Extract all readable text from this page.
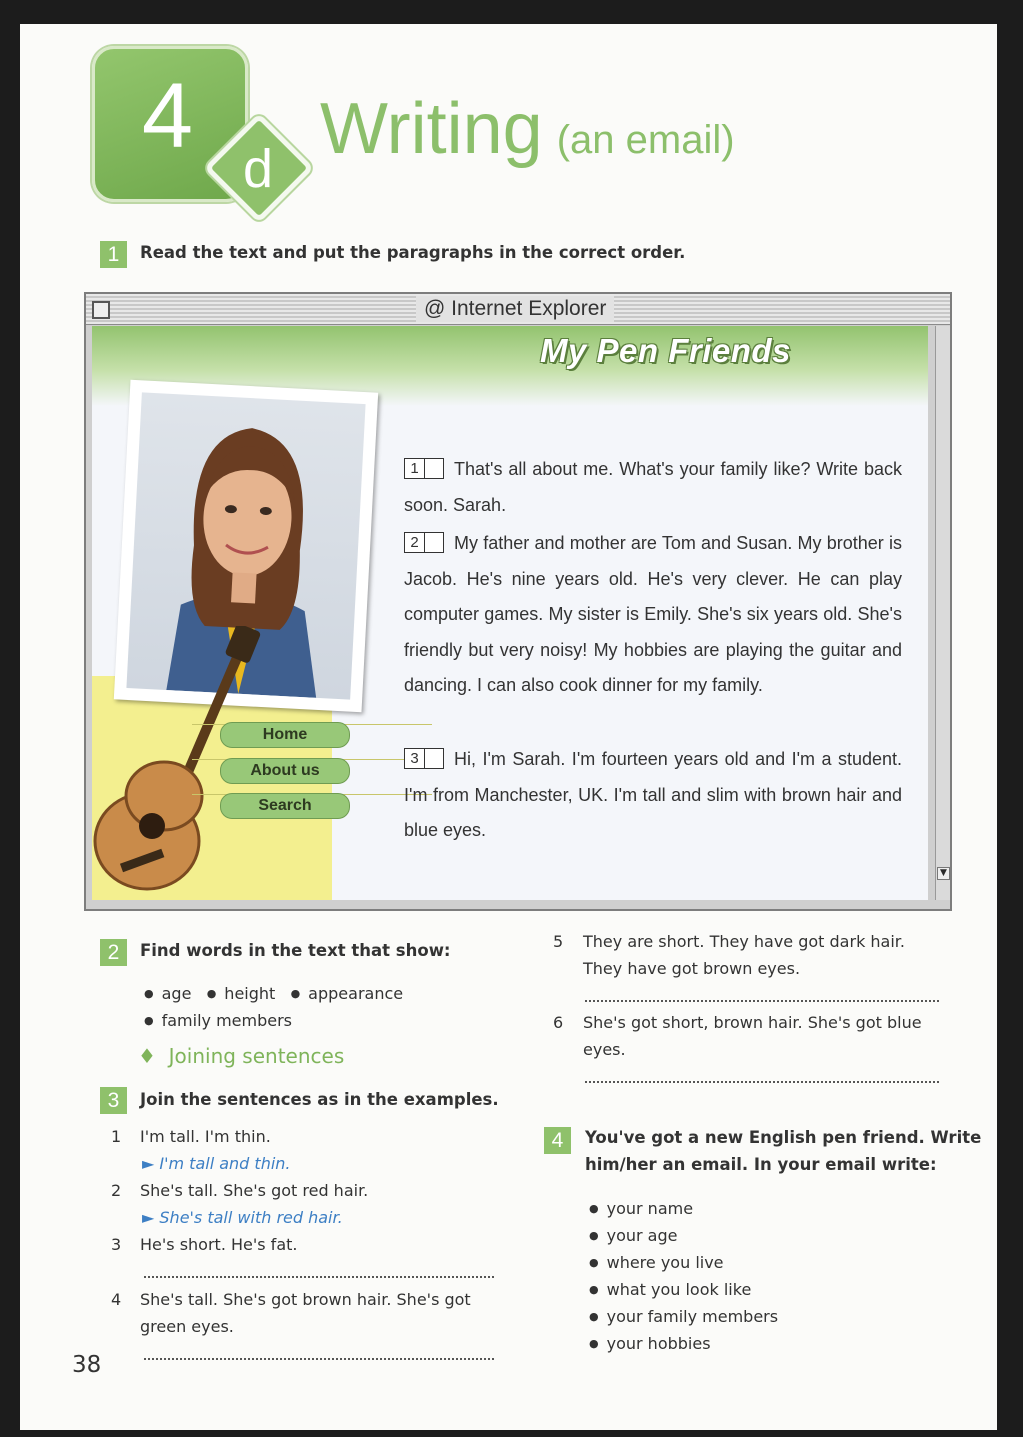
4
d Writing (an email)
1	Read the text and put the paragraphs in the correct order.
@ Internet Explorer
My Pen Friends
Home
About us
Search
1 That's all about me. What's your family like? Write back soon. Sarah.
2 My father and mother are Tom and Susan. My brother is Jacob. He's nine years old. He's very clever. He can play computer games. My sister is Emily. She's six years old. She's friendly but very noisy! My hobbies are playing the guitar and dancing. I can also cook dinner for my family.
3 Hi, I'm Sarah. I'm fourteen years old and I'm a student. I'm from Manchester, UK. I'm tall and slim with brown hair and blue eyes.
▼
2	Find words in the text that show:
● age ● height ● appearance
● family members
♦ Joining sentences
3	Join the sentences as in the examples.
1 I'm tall. I'm thin.
► I'm tall and thin.
2 She's tall. She's got red hair.
► She's tall with red hair.
3 He's short. He's fat.
4 She's tall. She's got brown hair. She's got
green eyes.
5 They are short. They have got dark hair.
They have got brown eyes.
6 She's got short, brown hair. She's got blue
eyes.
4	You've got a new English pen friend. Write
him/her an email. In your email write:
● your name
● your age
● where you live
● what you look like
● your family members
● your hobbies
38
